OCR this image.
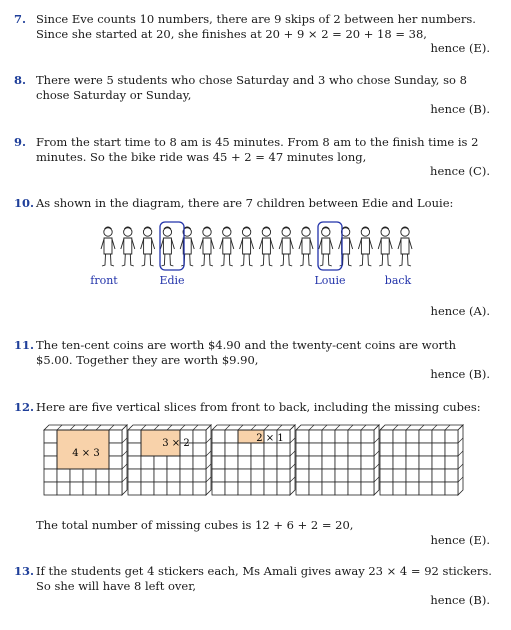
7. Since Eve counts 10 numbers, there are 9 skips of 2 between her numbers. Since she started at 20, she finishes at 20 + 9 × 2 = 20 + 18 = 38,
hence (E).
8. There were 5 students who chose Saturday and 3 who chose Sunday, so 8 chose Saturday or Sunday,
hence (B).
9. From the start time to 8 am is 45 minutes. From 8 am to the finish time is 2 minutes. So the bike ride was 45 + 2 = 47 minutes long,
hence (C).
10. As shown in the diagram, there are 7 children between Edie and Louie:
hence (A).
front	Edie	Louie	back
11. The ten-cent coins are worth $4.90 and the twenty-cent coins are worth $5.00. Together they are worth $9.90,
hence (B).
12. Here are five vertical slices from front to back, including the missing cubes:
The total number of missing cubes is 12 + 6 + 2 = 20,
hence (E).
4 × 3
3 × 2	2 × 1
13. If the students get 4 stickers each, Ms Amali gives away 23 × 4 = 92 stickers. So she will have 8 left over,
hence (B).
